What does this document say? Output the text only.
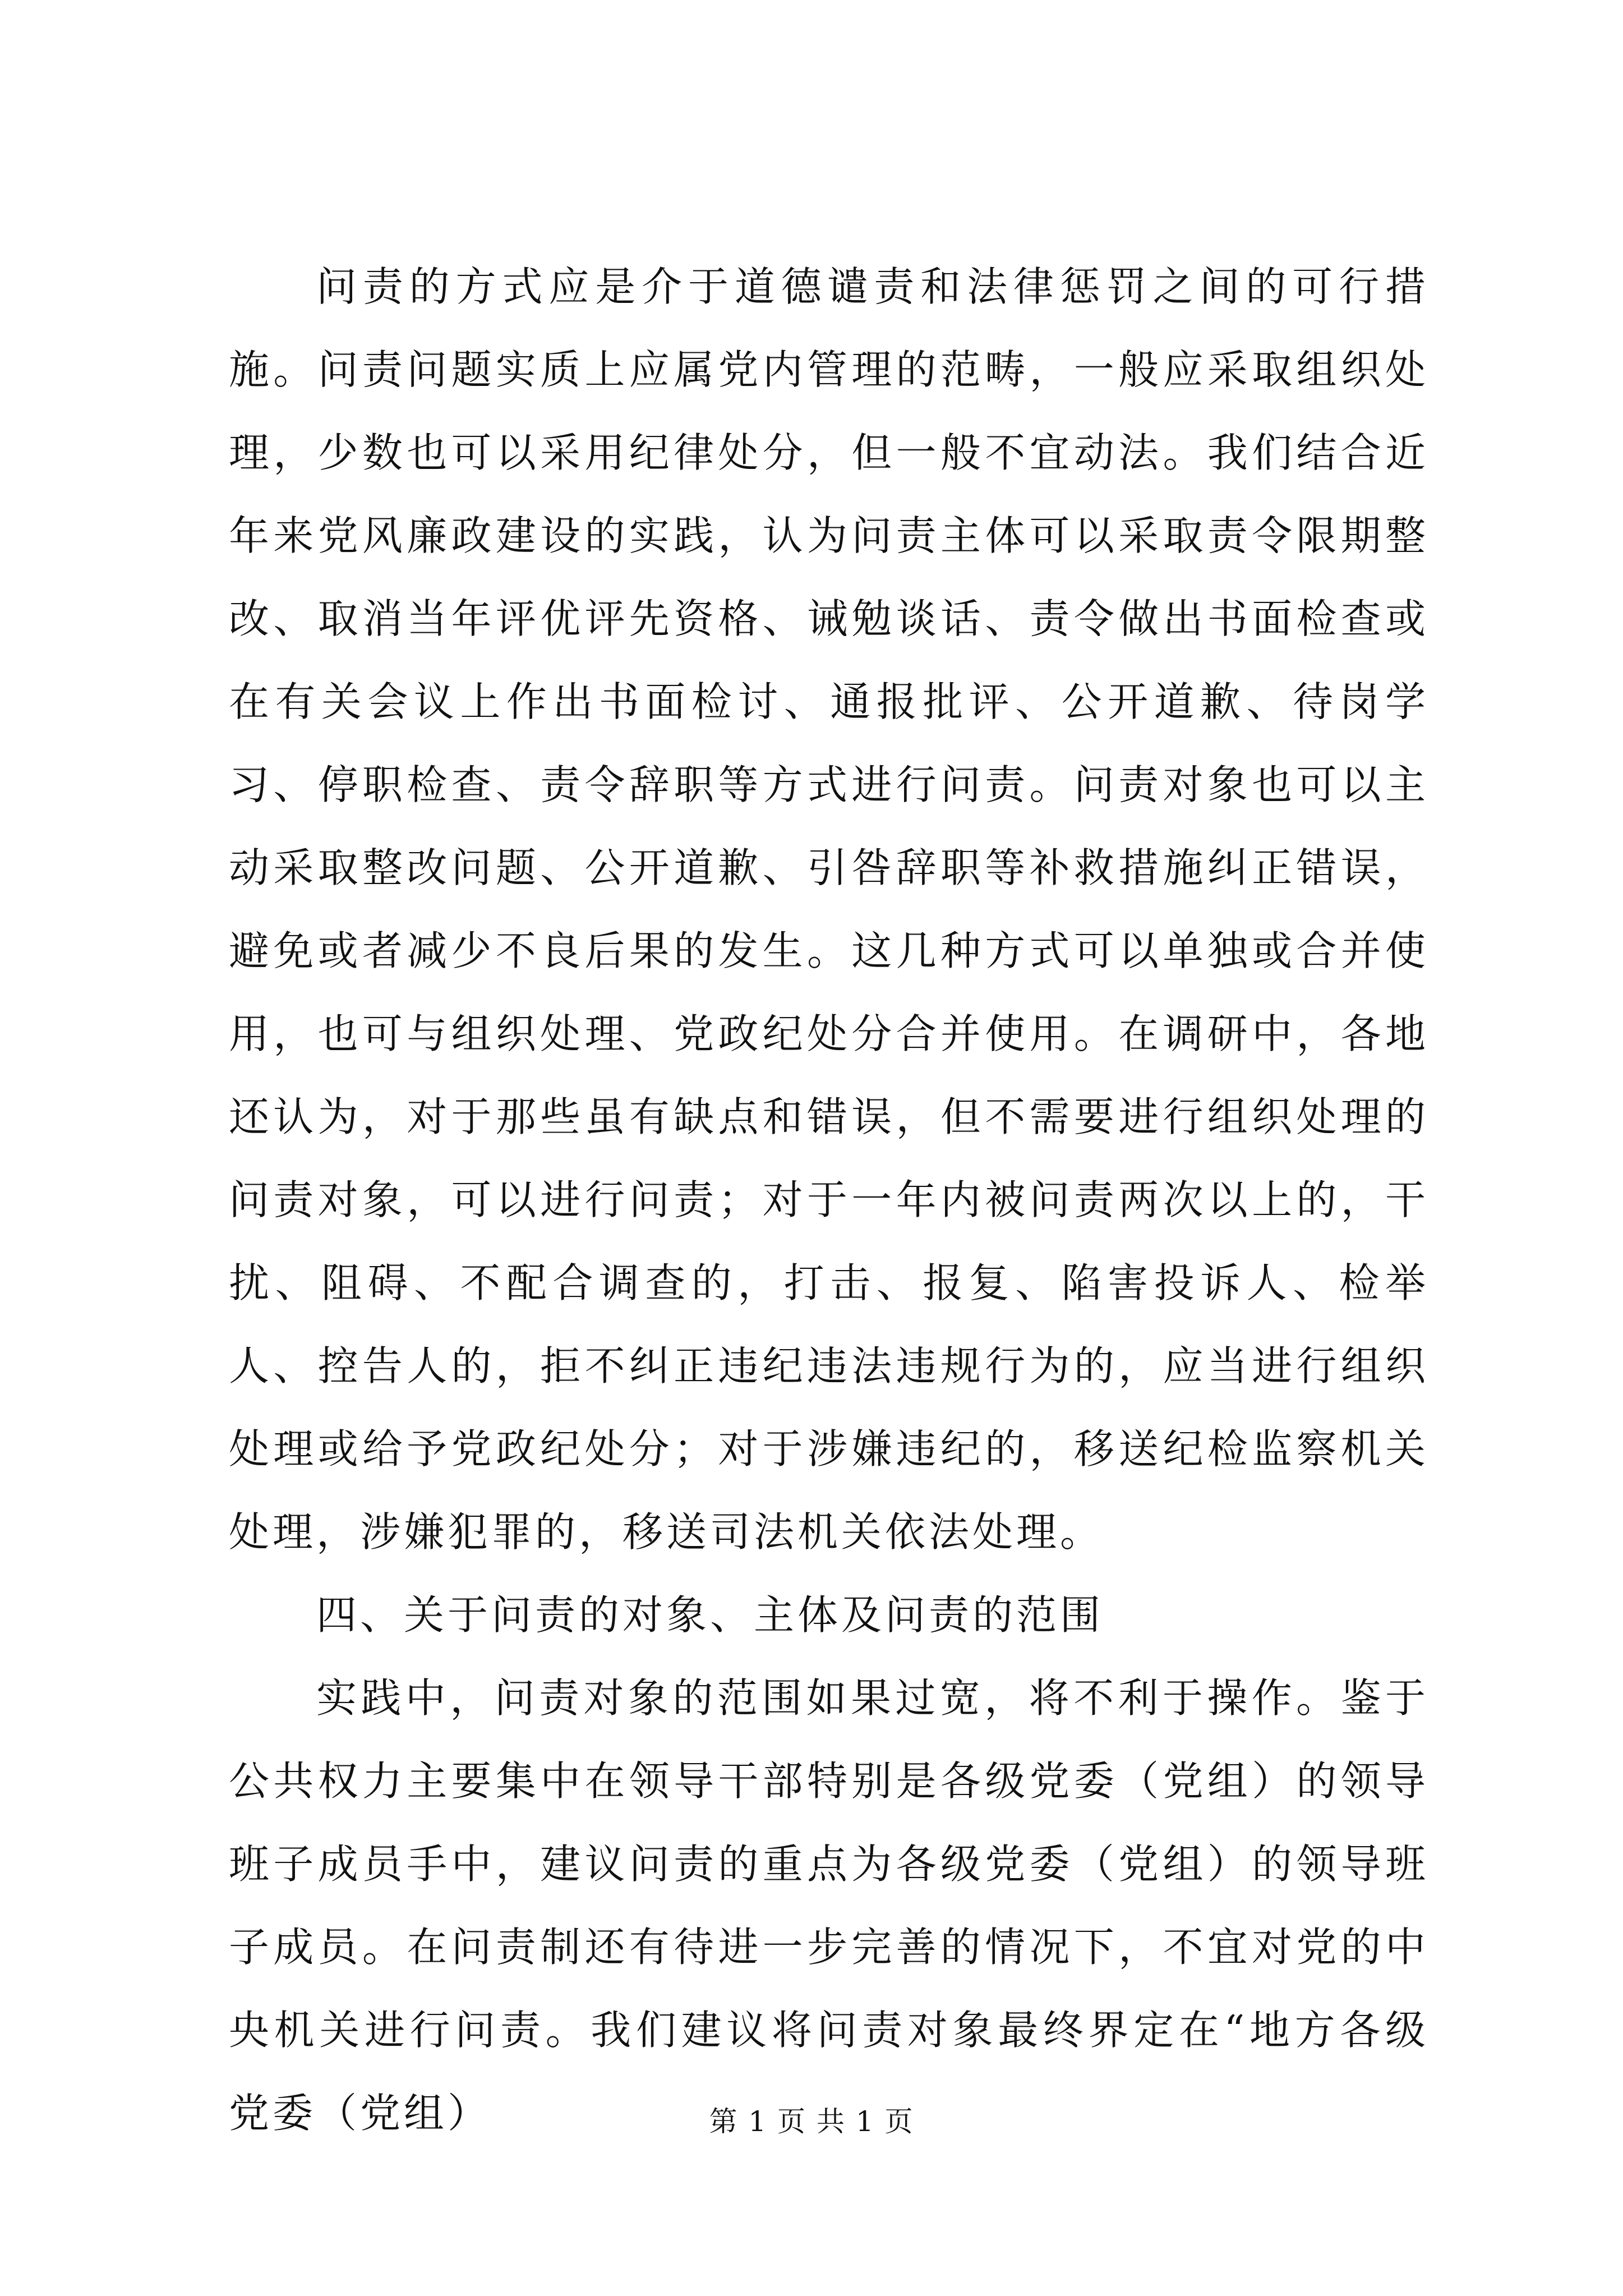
问责的方式应是介于道德谴责和法律惩罚之间的可行措施。问责问题实质上应属党内管理的范畴，一般应采取组织处理，少数也可以采用纪律处分，但一般不宜动法。我们结合近年来党风廉政建设的实践，认为问责主体可以采取责令限期整改、取消当年评优评先资格、诫勉谈话、责令做出书面检查或在有关会议上作出书面检讨、通报批评、公开道歉、待岗学习、停职检查、责令辞职等方式进行问责。问责对象也可以主动采取整改问题、公开道歉、引咎辞职等补救措施纠正错误，避免或者减少不良后果的发生。这几种方式可以单独或合并使用，也可与组织处理、党政纪处分合并使用。在调研中，各地还认为，对于那些虽有缺点和错误，但不需要进行组织处理的问责对象，可以进行问责；对于一年内被问责两次以上的，干扰、阻碍、不配合调查的，打击、报复、陷害投诉人、检举人、控告人的，拒不纠正违纪违法违规行为的，应当进行组织处理或给予党政纪处分；对于涉嫌违纪的，移送纪检监察机关处理，涉嫌犯罪的，移送司法机关依法处理。

四、关于问责的对象、主体及问责的范围

实践中，问责对象的范围如果过宽，将不利于操作。鉴于公共权力主要集中在领导干部特别是各级党委（党组）的领导班子成员手中，建议问责的重点为各级党委（党组）的领导班子成员。在问责制还有待进一步完善的情况下，不宜对党的中央机关进行问责。我们建议将问责对象最终界定在“地方各级党委（党组）	第 1 页 共 1 页
